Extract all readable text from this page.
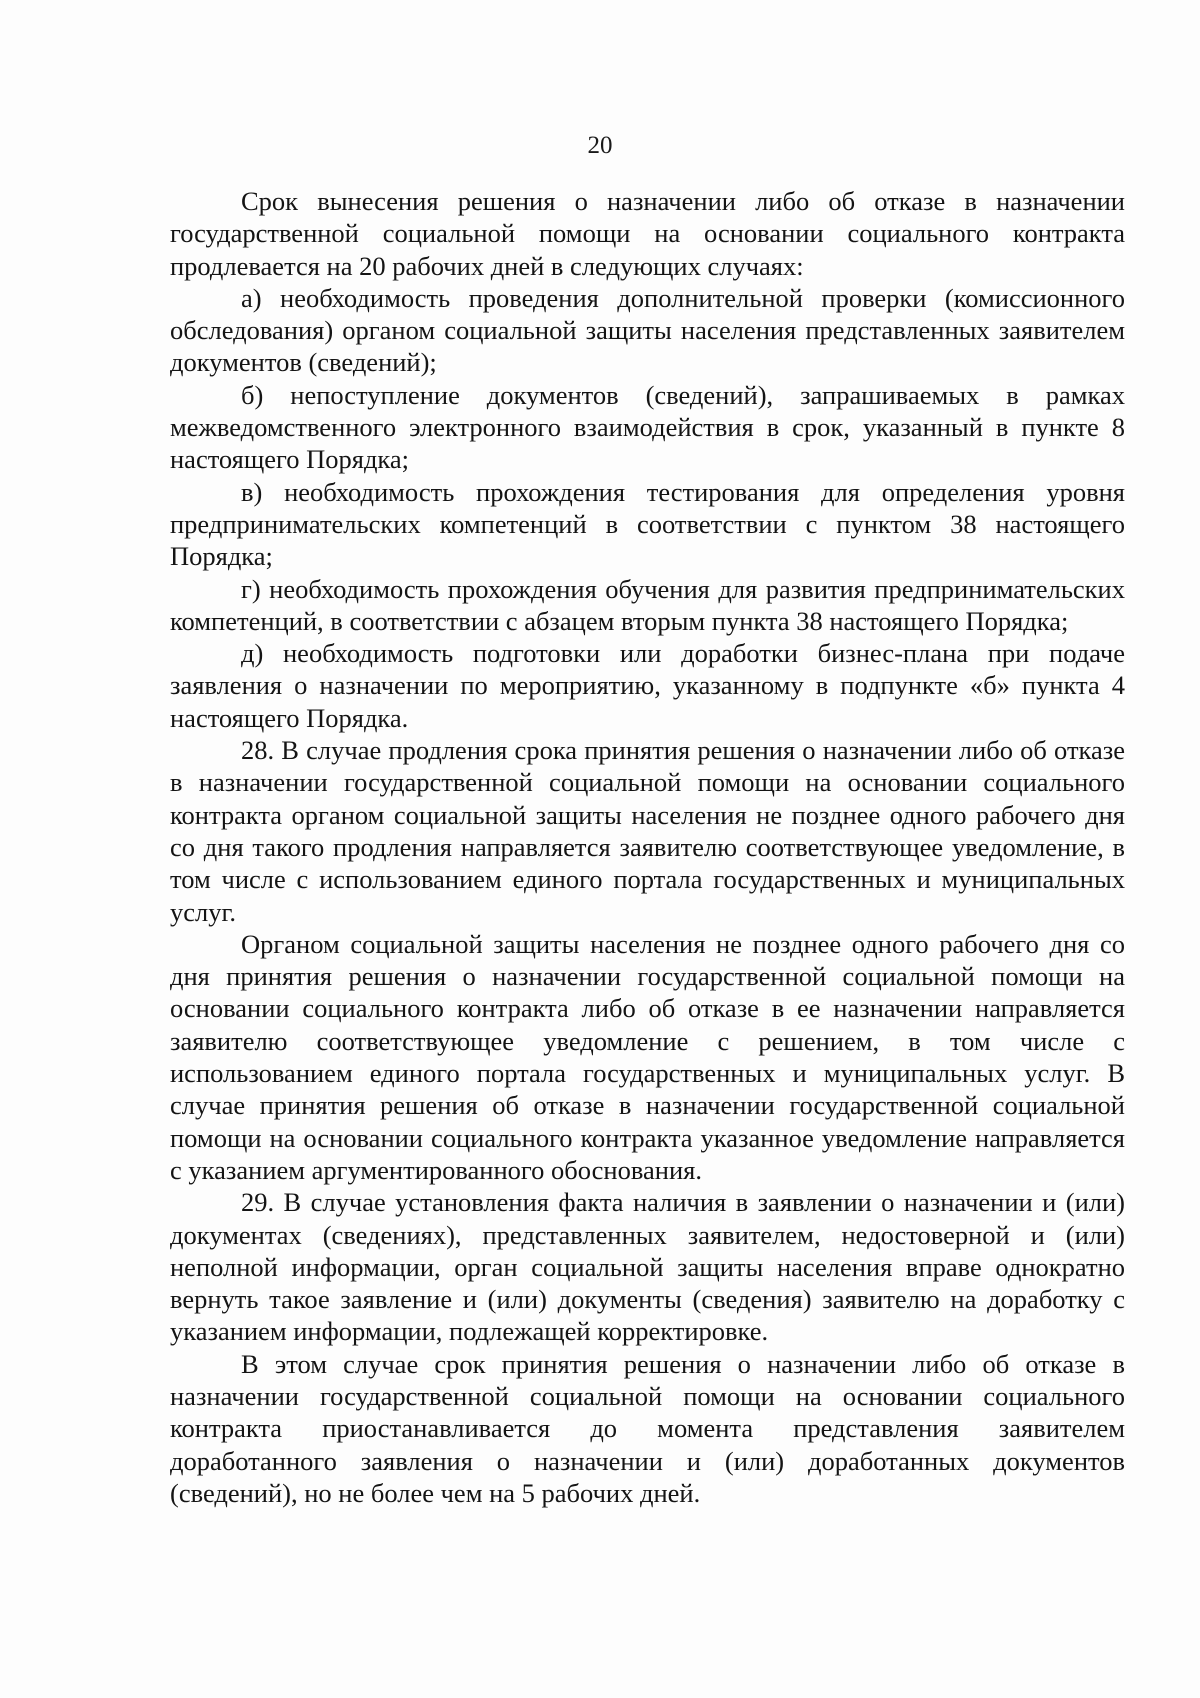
20

Срок вынесения решения о назначении либо об отказе в назначении государственной социальной помощи на основании социального контракта продлевается на 20 рабочих дней в следующих случаях:

а) необходимость проведения дополнительной проверки (комиссионного обследования) органом социальной защиты населения представленных заявителем документов (сведений);

б) непоступление документов (сведений), запрашиваемых в рамках межведомственного электронного взаимодействия в срок, указанный в пункте 8 настоящего Порядка;

в) необходимость прохождения тестирования для определения уровня предпринимательских компетенций в соответствии с пунктом 38 настоящего Порядка;

г) необходимость прохождения обучения для развития предпринимательских компетенций, в соответствии с абзацем вторым пункта 38 настоящего Порядка;

д) необходимость подготовки или доработки бизнес-плана при подаче заявления о назначении по мероприятию, указанному в подпункте «б» пункта 4 настоящего Порядка.

28. В случае продления срока принятия решения о назначении либо об отказе в назначении государственной социальной помощи на основании социального контракта органом социальной защиты населения не позднее одного рабочего дня со дня такого продления направляется заявителю соответствующее уведомление, в том числе с использованием единого портала государственных и муниципальных услуг.

Органом социальной защиты населения не позднее одного рабочего дня со дня принятия решения о назначении государственной социальной помощи на основании социального контракта либо об отказе в ее назначении направляется заявителю соответствующее уведомление с решением, в том числе с использованием единого портала государственных и муниципальных услуг. В случае принятия решения об отказе в назначении государственной социальной помощи на основании социального контракта указанное уведомление направляется с указанием аргументированного обоснования.

29. В случае установления факта наличия в заявлении о назначении и (или) документах (сведениях), представленных заявителем, недостоверной и (или) неполной информации, орган социальной защиты населения вправе однократно вернуть такое заявление и (или) документы (сведения) заявителю на доработку с указанием информации, подлежащей корректировке.

В этом случае срок принятия решения о назначении либо об отказе в назначении государственной социальной помощи на основании социального контракта приостанавливается до момента представления заявителем доработанного заявления о назначении и (или) доработанных документов (сведений), но не более чем на 5 рабочих дней.
